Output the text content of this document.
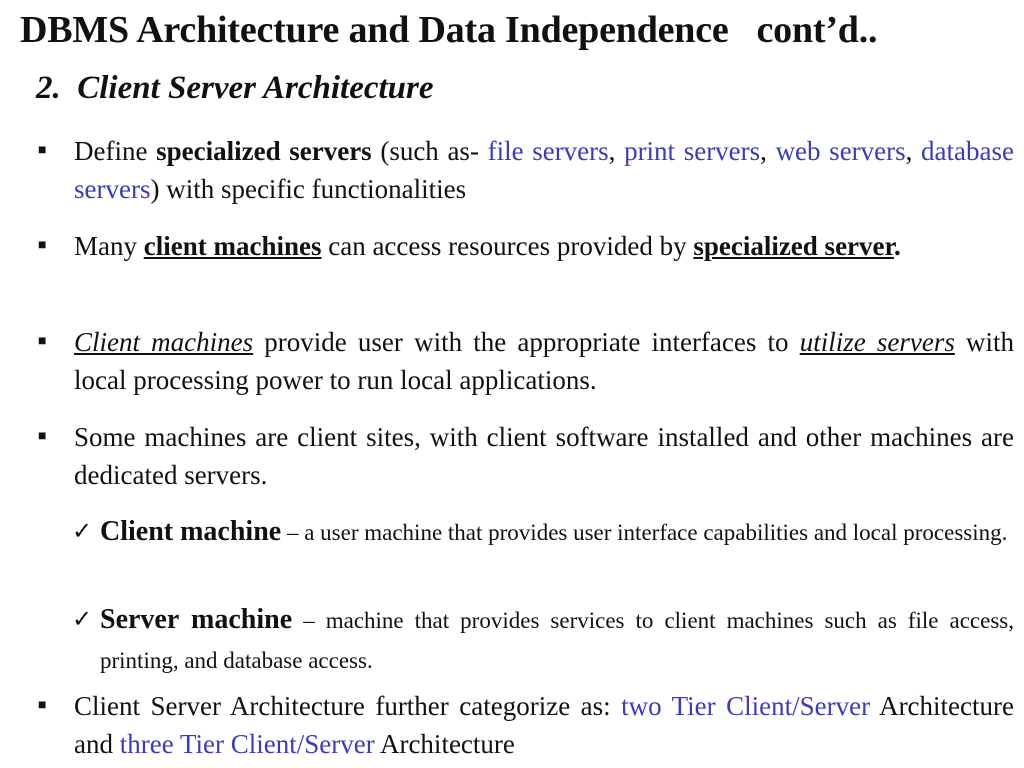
DBMS Architecture and Data Independence   cont’d..
2.  Client Server Architecture
■ Define specialized servers (such as- file servers, print servers, web servers, database servers) with specific functionalities
■ Many client machines can access resources provided by specialized server.
■ Client machines provide user with the appropriate interfaces to utilize servers with local processing power to run local applications.
■ Some machines are client sites, with client software installed and other machines are dedicated servers.
✓ Client machine – a user machine that provides user interface capabilities and local processing.
✓ Server machine – machine that provides services to client machines such as file access, printing, and database access.
■ Client Server Architecture further categorize as: two Tier Client/Server Architecture and three Tier Client/Server Architecture
